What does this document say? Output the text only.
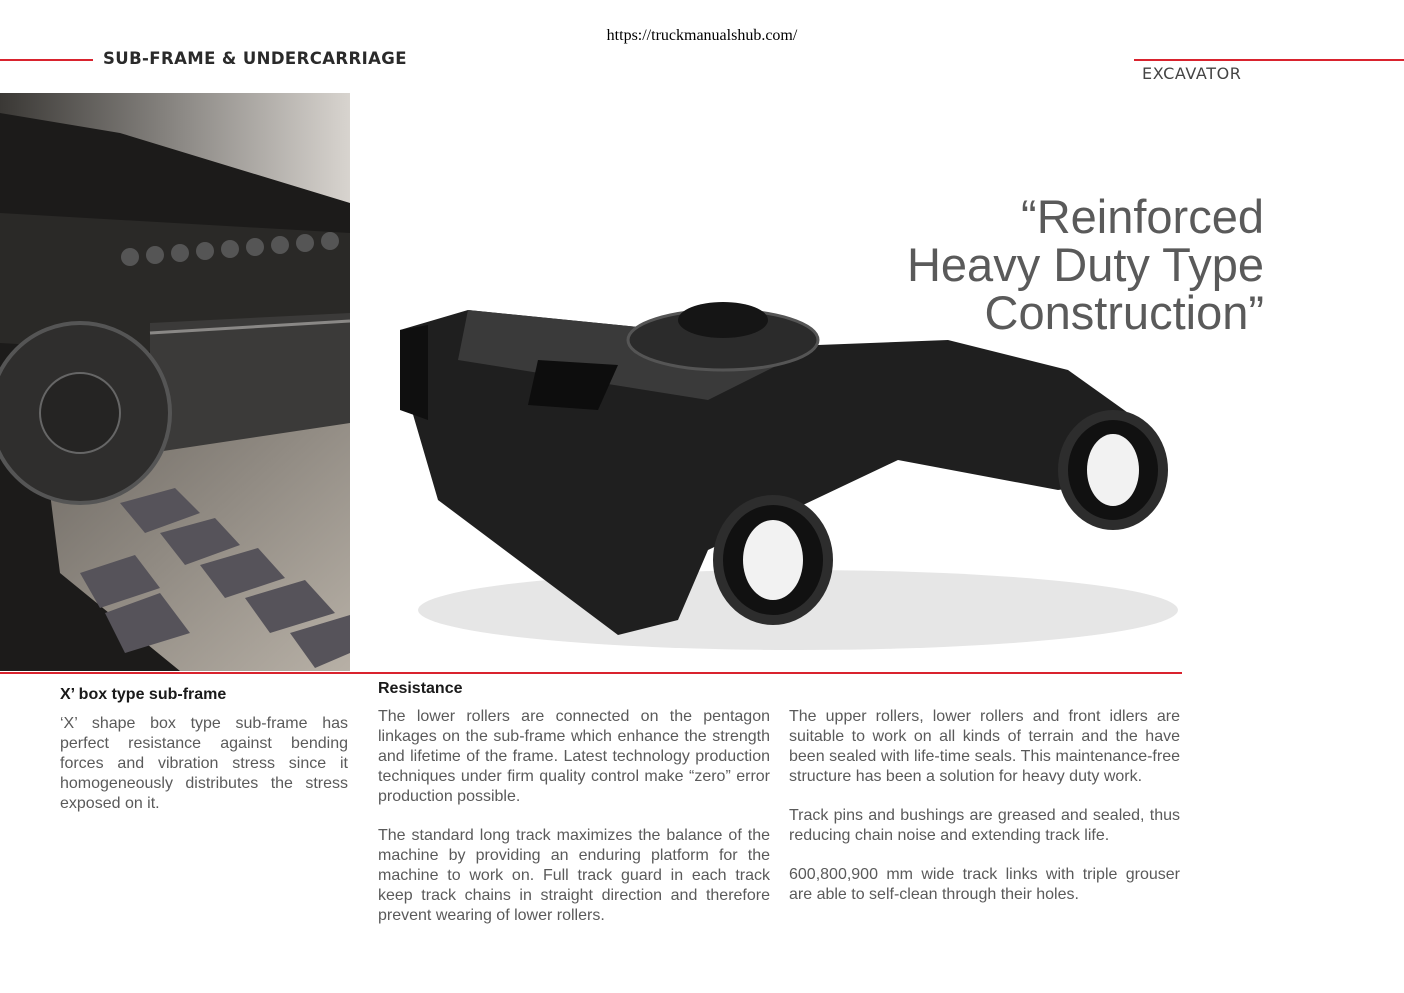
https://truckmanualshub.com/
SUB-FRAME & UNDERCARRIAGE
EXCAVATOR
“Reinforced
Heavy Duty Type
Construction”
X’ box type sub-frame

‘X’ shape box type sub-frame has perfect resistance against bending forces and vibration stress since it homogeneously distributes the stress exposed on it.

Resistance

The lower rollers are connected on the pentagon linkages on the sub-frame which enhance the strength and lifetime of the frame. Latest technology production techniques under firm quality control make “zero” error production possible.

The standard long track maximizes the balance of the machine by providing an enduring platform for the machine to work on. Full track guard in each track keep track chains in straight direction and therefore prevent wearing of lower rollers.

The upper rollers, lower rollers and front idlers are suitable to work on all kinds of terrain and the have been sealed with life-time seals. This maintenance-free structure has been a solution for heavy duty work.

Track pins and bushings are greased and sealed, thus reducing chain noise and extending track life.

600,800,900 mm wide track links with triple grouser are able to self-clean through their holes.
